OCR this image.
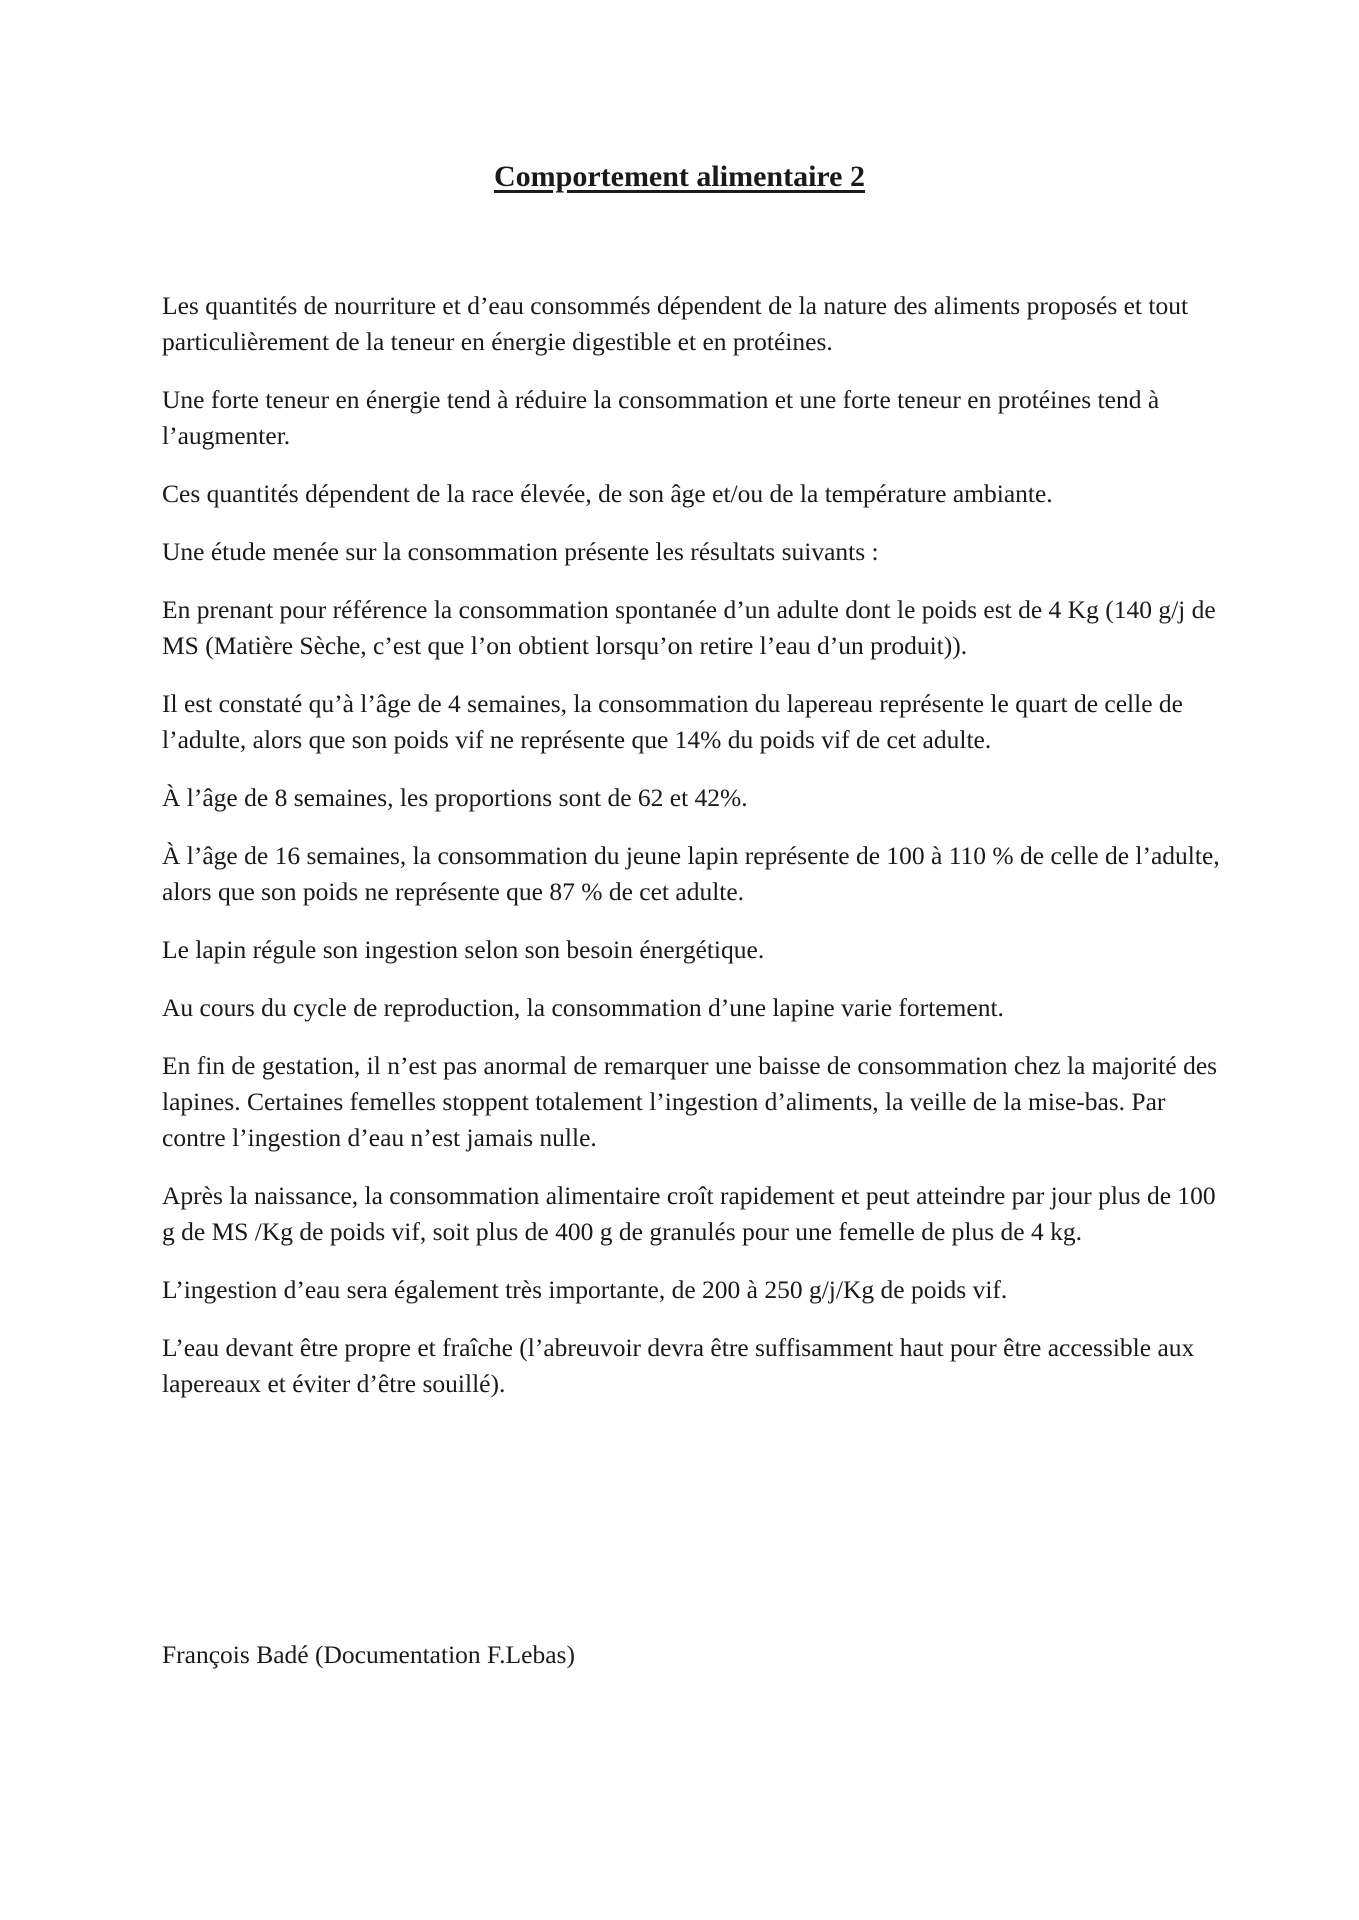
Comportement alimentaire 2

Les quantités de nourriture et d’eau consommés dépendent de la nature des aliments proposés et tout particulièrement de la teneur en énergie digestible et en protéines.

Une forte teneur en énergie tend à réduire la consommation et une forte teneur en protéines tend à l’augmenter.

Ces quantités dépendent de la race élevée, de son âge et/ou de la température ambiante.

Une étude menée sur la consommation présente les résultats suivants :

En prenant pour référence la consommation spontanée d’un adulte dont le poids est de 4 Kg (140 g/j de MS (Matière Sèche, c’est que l’on obtient lorsqu’on retire l’eau d’un produit)).

Il est constaté qu’à l’âge de 4 semaines, la consommation du lapereau représente le quart de celle de l’adulte, alors que son poids vif ne représente que 14% du poids vif de cet adulte.

À l’âge de 8 semaines, les proportions sont de 62 et 42%.

À l’âge de 16 semaines, la consommation du jeune lapin représente de 100 à 110 % de celle de l’adulte, alors que son poids ne représente que 87 % de cet adulte.

Le lapin régule son ingestion selon son besoin énergétique.

Au cours du cycle de reproduction, la consommation d’une lapine varie fortement.

En fin de gestation, il n’est pas anormal de remarquer une baisse de consommation chez la majorité des lapines. Certaines femelles stoppent totalement l’ingestion d’aliments, la veille de la mise-bas. Par contre l’ingestion d’eau n’est jamais nulle.

Après la naissance, la consommation alimentaire croît rapidement et peut atteindre par jour plus de 100 g de MS /Kg de poids vif, soit plus de 400 g de granulés pour une femelle de plus de 4 kg.

L’ingestion d’eau sera également très importante, de 200 à 250 g/j/Kg de poids vif.

L’eau devant être propre et fraîche (l’abreuvoir devra être suffisamment haut pour être accessible aux lapereaux et éviter d’être souillé).

François Badé (Documentation F.Lebas)
